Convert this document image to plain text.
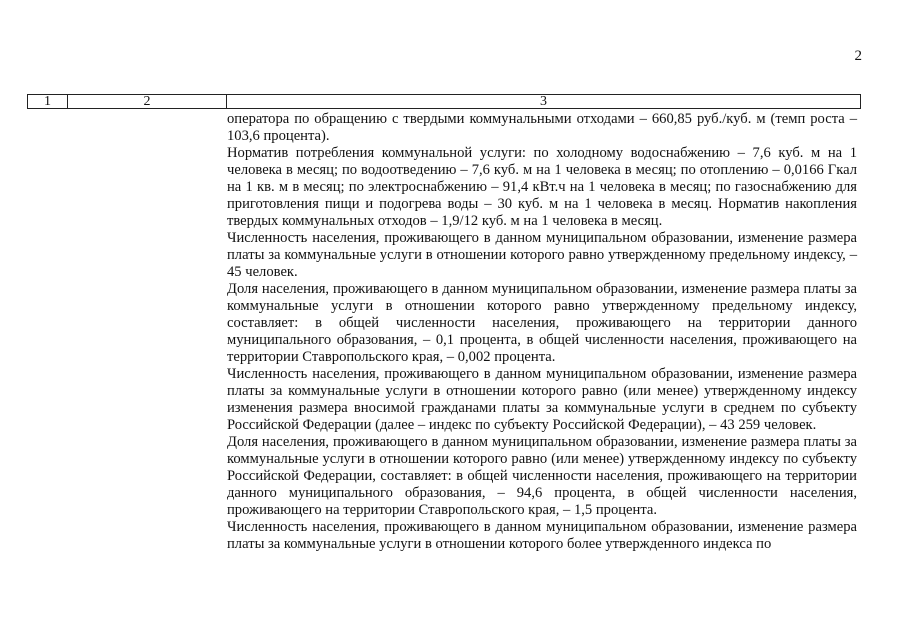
2
1	2	3

оператора по обращению с твердыми коммунальными отходами – 660,85 руб./куб. м (темп роста – 103,6 процента).

Норматив потребления коммунальной услуги: по холодному водоснабжению – 7,6 куб. м на 1 человека в месяц; по водоотведению – 7,6 куб. м на 1 человека в месяц; по отоплению – 0,0166 Гкал на 1 кв. м в месяц; по электроснабжению – 91,4 кВт.ч на 1 человека в месяц; по газоснабжению для приготовления пищи и подогрева воды – 30 куб. м на 1 человека в месяц. Норматив накопления твердых коммунальных отходов – 1,9/12 куб. м на 1 человека в месяц.

Численность населения, проживающего в данном муниципальном образовании, изменение размера платы за коммунальные услуги в отношении которого равно утвержденному предельному индексу, – 45 человек.

Доля населения, проживающего в данном муниципальном образовании, изменение размера платы за коммунальные услуги в отношении которого равно утвержденному предельному индексу, составляет: в общей численности населения, проживающего на территории данного муниципального образования, – 0,1 процента, в общей численности населения, проживающего на территории Ставропольского края, – 0,002 процента.

Численность населения, проживающего в данном муниципальном образовании, изменение размера платы за коммунальные услуги в отношении которого равно (или менее) утвержденному индексу изменения размера вносимой гражданами платы за коммунальные услуги в среднем по субъекту Российской Федерации (далее – индекс по субъекту Российской Федерации), – 43 259 человек.

Доля населения, проживающего в данном муниципальном образовании, изменение размера платы за коммунальные услуги в отношении которого равно (или менее) утвержденному индексу по субъекту Российской Федерации, составляет: в общей численности населения, проживающего на территории данного муниципального образования, – 94,6 процента, в общей численности населения, проживающего на территории Ставропольского края, – 1,5 процента.

Численность населения, проживающего в данном муниципальном образовании, изменение размера платы за коммунальные услуги в отношении которого более утвержденного индекса по
